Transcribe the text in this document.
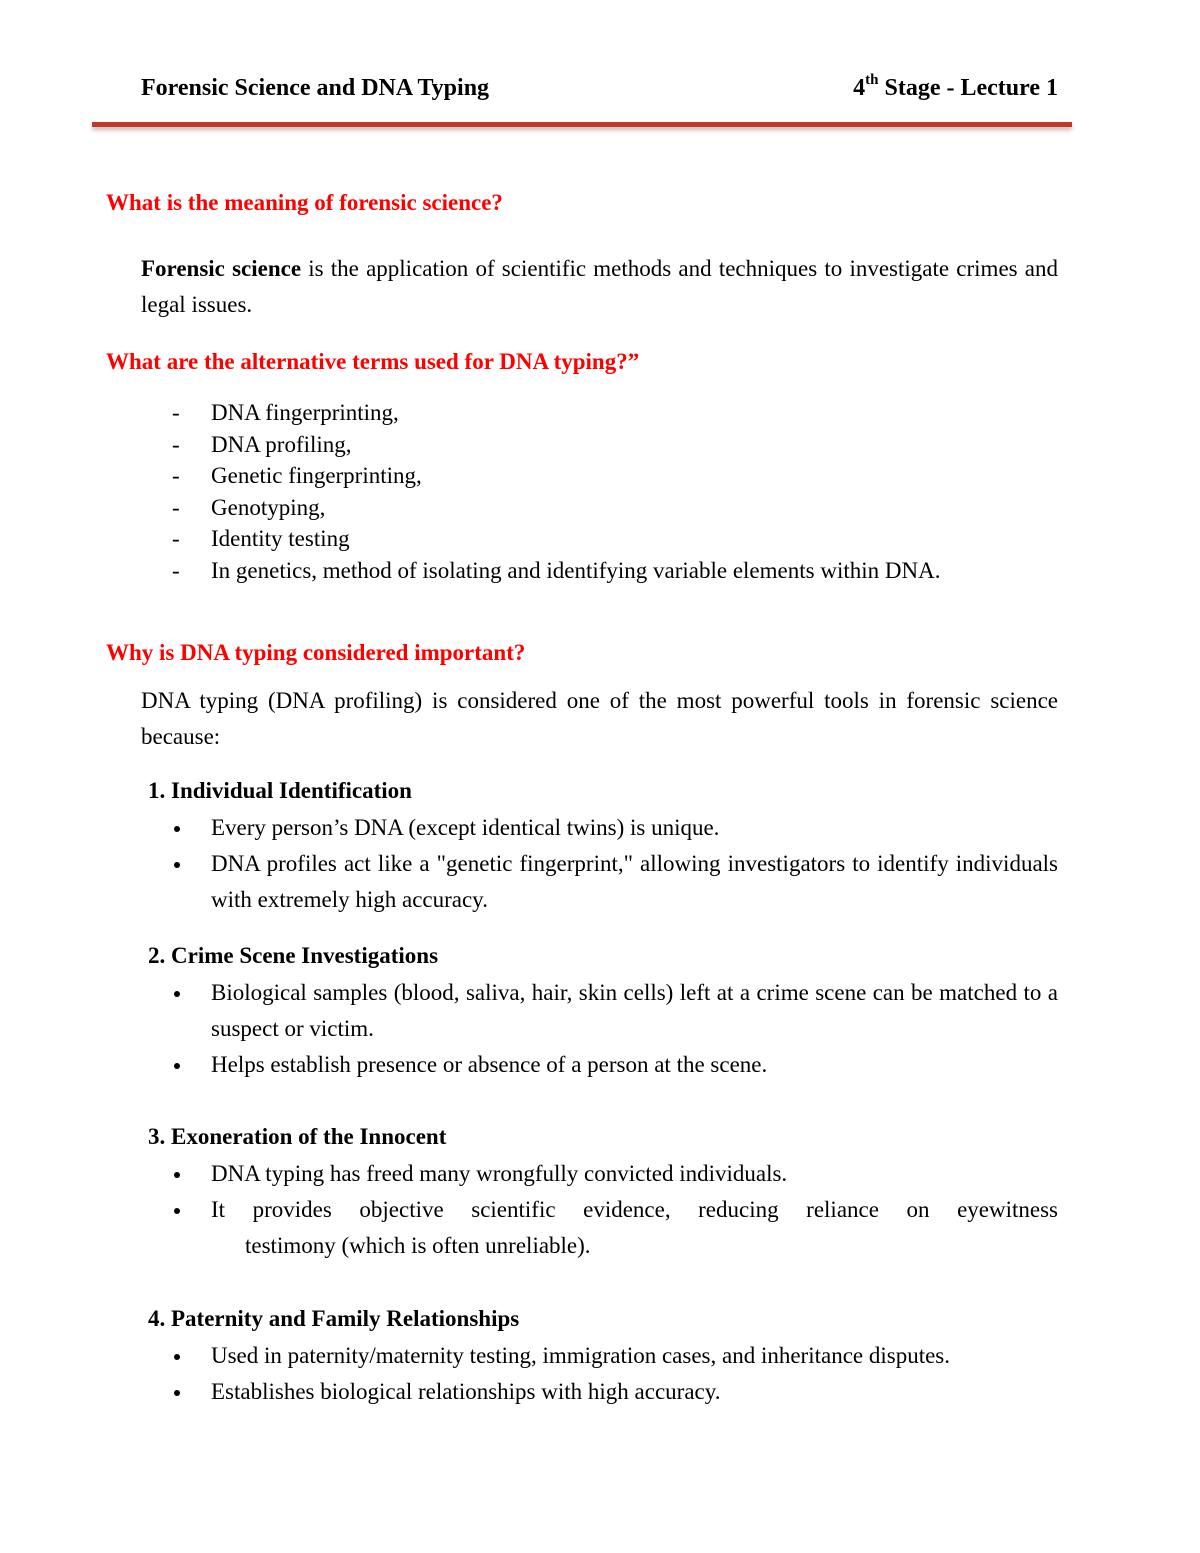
Forensic Science and DNA Typing	4th Stage - Lecture 1
What is the meaning of forensic science?
Forensic science is the application of scientific methods and techniques to investigate crimes and legal issues.
What are the alternative terms used for DNA typing?”
- DNA fingerprinting,
- DNA profiling,
- Genetic fingerprinting,
- Genotyping,
- Identity testing
- In genetics, method of isolating and identifying variable elements within DNA.
Why is DNA typing considered important?
DNA typing (DNA profiling) is considered one of the most powerful tools in forensic science because:
1. Individual Identification
Every person’s DNA (except identical twins) is unique.
DNA profiles act like a "genetic fingerprint," allowing investigators to identify individuals with extremely high accuracy.
2. Crime Scene Investigations
Biological samples (blood, saliva, hair, skin cells) left at a crime scene can be matched to a suspect or victim.
Helps establish presence or absence of a person at the scene.
3. Exoneration of the Innocent
DNA typing has freed many wrongfully convicted individuals.
It provides objective scientific evidence, reducing reliance on eyewitness
testimony (which is often unreliable).
4. Paternity and Family Relationships
Used in paternity/maternity testing, immigration cases, and inheritance disputes.
Establishes biological relationships with high accuracy.
